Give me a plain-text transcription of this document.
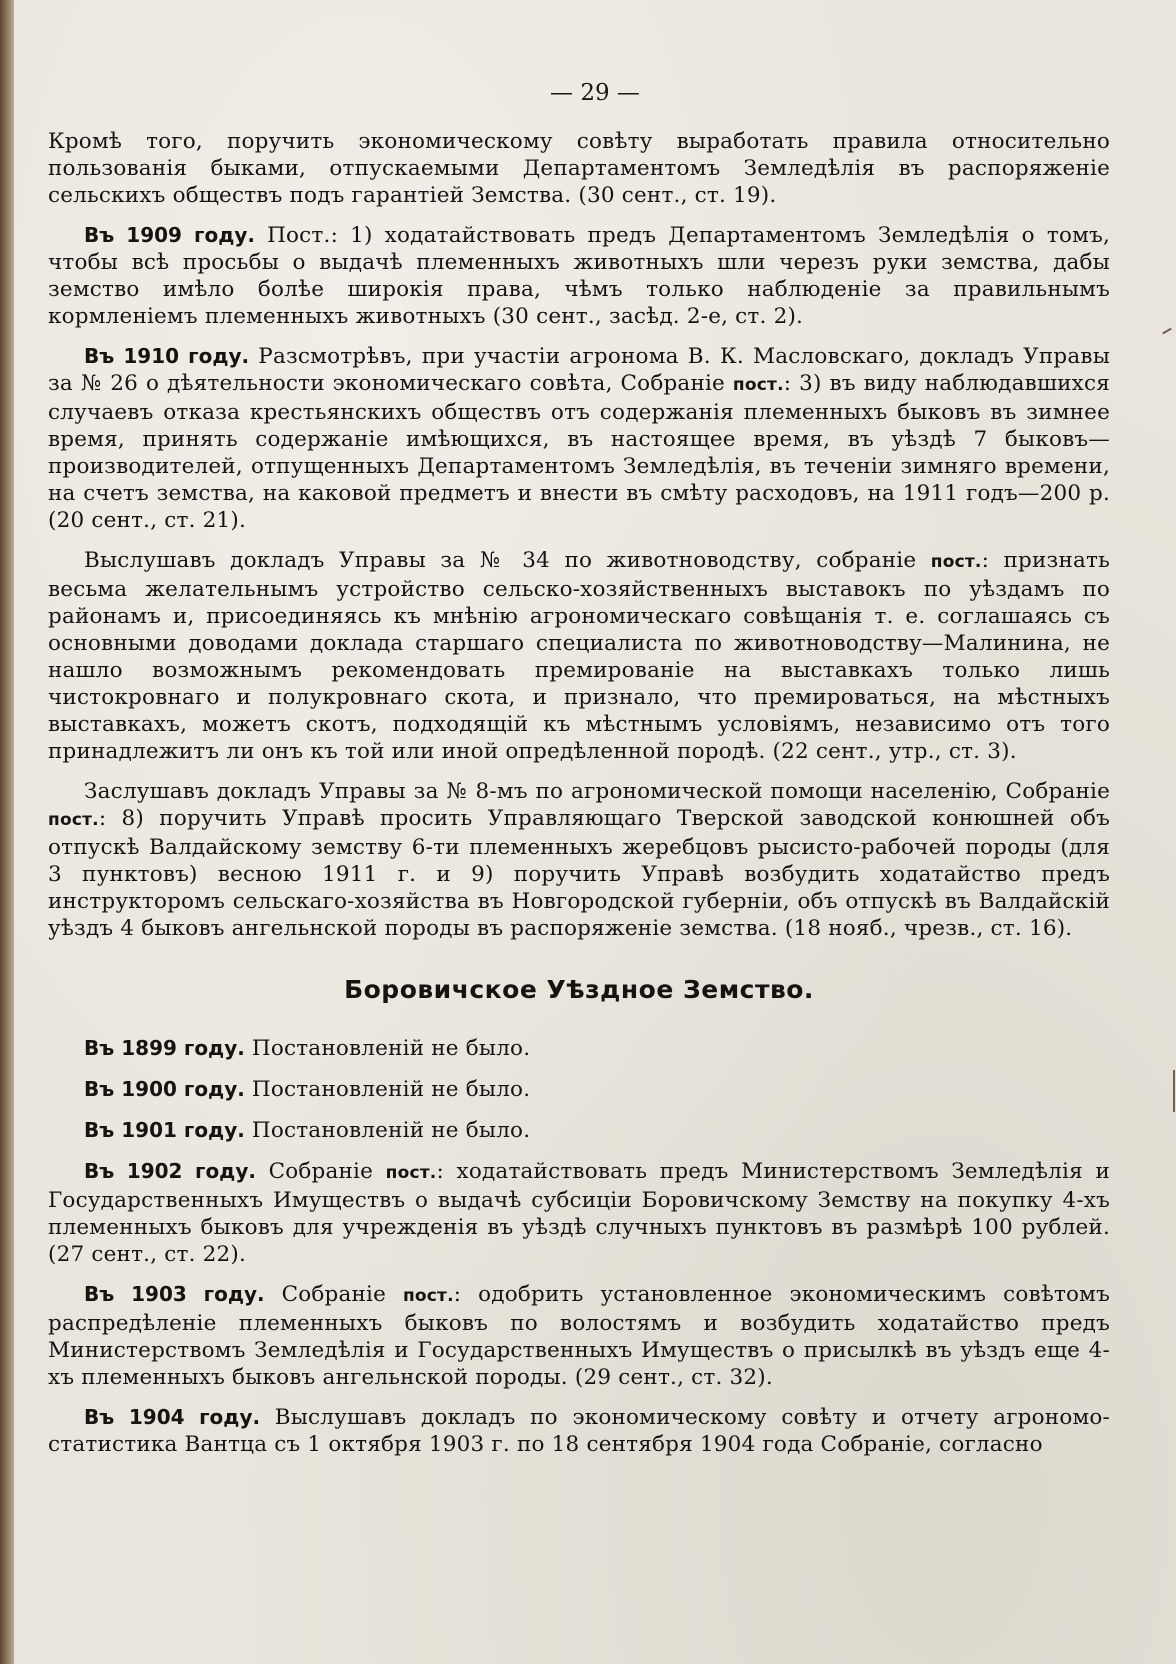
— 29 —

Кромѣ того, поручить экономическому совѣту выработать правила относительно пользованія быками, отпускаемыми Департаментомъ Земледѣлія въ распоряженіе сельскихъ обществъ подъ гарантіей Земства. (30 сент., ст. 19).

Въ 1909 году. Пост.: 1) ходатайствовать предъ Департаментомъ Земледѣлія о томъ, чтобы всѣ просьбы о выдачѣ племенныхъ животныхъ шли черезъ руки земства, дабы земство имѣло болѣе широкія права, чѣмъ только наблюденіе за правильнымъ кормленіемъ племенныхъ животныхъ (30 сент., засѣд. 2-е, ст. 2).

Въ 1910 году. Разсмотрѣвъ, при участіи агронома В. К. Масловскаго, докладъ Управы за № 26 о дѣятельности экономическаго совѣта, Собраніе пост.: 3) въ виду наблюдавшихся случаевъ отказа крестьянскихъ обществъ отъ содержанія племенныхъ быковъ въ зимнее время, принять содержаніе имѣющихся, въ настоящее время, въ уѣздѣ 7 быковъ—производителей, отпущенныхъ Департаментомъ Земледѣлія, въ теченіи зимняго времени, на счетъ земства, на каковой предметъ и внести въ смѣту расходовъ, на 1911 годъ—200 р. (20 сент., ст. 21).

Выслушавъ докладъ Управы за № 34 по животноводству, собраніе пост.: признать весьма желательнымъ устройство сельско-хозяйственныхъ выставокъ по уѣздамъ по районамъ и, присоединяясь къ мнѣнію агрономическаго совѣщанія т. е. соглашаясь съ основными доводами доклада старшаго специалиста по животноводству—Малинина, не нашло возможнымъ рекомендовать премированіе на выставкахъ только лишь чистокровнаго и полукровнаго скота, и признало, что премироваться, на мѣстныхъ выставкахъ, можетъ скотъ, подходящій къ мѣстнымъ условіямъ, независимо отъ того принадлежитъ ли онъ къ той или иной опредѣленной породѣ. (22 сент., утр., ст. 3).

Заслушавъ докладъ Управы за № 8-мъ по агрономической помощи населенію, Собраніе пост.: 8) поручить Управѣ просить Управляющаго Тверской заводской конюшней объ отпускѣ Валдайскому земству 6-ти племенныхъ жеребцовъ рысисто-рабочей породы (для 3 пунктовъ) весною 1911 г. и 9) поручить Управѣ возбудить ходатайство предъ инструкторомъ сельскаго-хозяйства въ Новгородской губерніи, объ отпускѣ въ Валдайскій уѣздъ 4 быковъ ангельнской породы въ распоряженіе земства. (18 нояб., чрезв., ст. 16).

Боровичское Уѣздное Земство.

Въ 1899 году. Постановленій не было.

Въ 1900 году. Постановленій не было.

Въ 1901 году. Постановленій не было.

Въ 1902 году. Собраніе пост.: ходатайствовать предъ Министерствомъ Земледѣлія и Государственныхъ Имуществъ о выдачѣ субсиціи Боровичскому Земству на покупку 4-хъ племенныхъ быковъ для учрежденія въ уѣздѣ случныхъ пунктовъ въ размѣрѣ 100 рублей. (27 сент., ст. 22).

Въ 1903 году. Собраніе пост.: одобрить установленное экономическимъ совѣтомъ распредѣленіе племенныхъ быковъ по волостямъ и возбудить ходатайство предъ Министерствомъ Земледѣлія и Государственныхъ Имуществъ о присылкѣ въ уѣздъ еще 4-хъ племенныхъ быковъ ангельнской породы. (29 сент., ст. 32).

Въ 1904 году. Выслушавъ докладъ по экономическому совѣту и отчету агрономо-статистика Вантца съ 1 октября 1903 г. по 18 сентября 1904 года Собраніе, согласно
